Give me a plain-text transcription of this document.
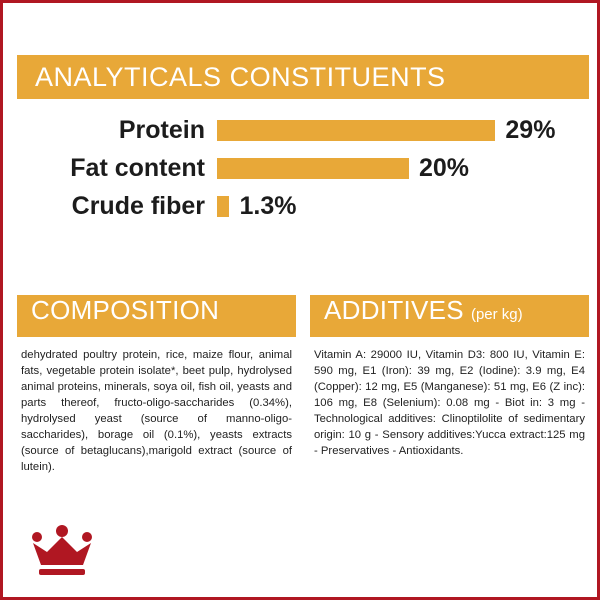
ANALYTICALS CONSTITUENTS
Protein	29%
Fat content	20%
Crude fiber	1.3%
COMPOSITION
dehydrated poultry protein, rice, maize flour, animal fats, vegetable protein isolate*, beet pulp, hydrolysed animal proteins, minerals, soya oil, fish oil, yeasts and parts thereof, fructo-oligo-saccharides (0.34%), hydrolysed yeast (source of manno-oligo-saccharides), borage oil (0.1%), yeasts extracts (source of betaglucans),marigold extract (source of lutein).
ADDITIVES (per kg)
Vitamin A: 29000 IU, Vitamin D3: 800 IU, Vitamin E: 590 mg, E1 (Iron): 39 mg, E2 (Iodine): 3.9 mg, E4 (Copper): 12 mg, E5 (Manganese): 51 mg, E6 (Z inc): 106 mg, E8 (Selenium): 0.08 mg - Biot in: 3 mg - Technological additives: Clinoptilolite of sedimentary origin: 10 g - Sensory additives:Yucca extract:125 mg - Preservatives - Antioxidants.
